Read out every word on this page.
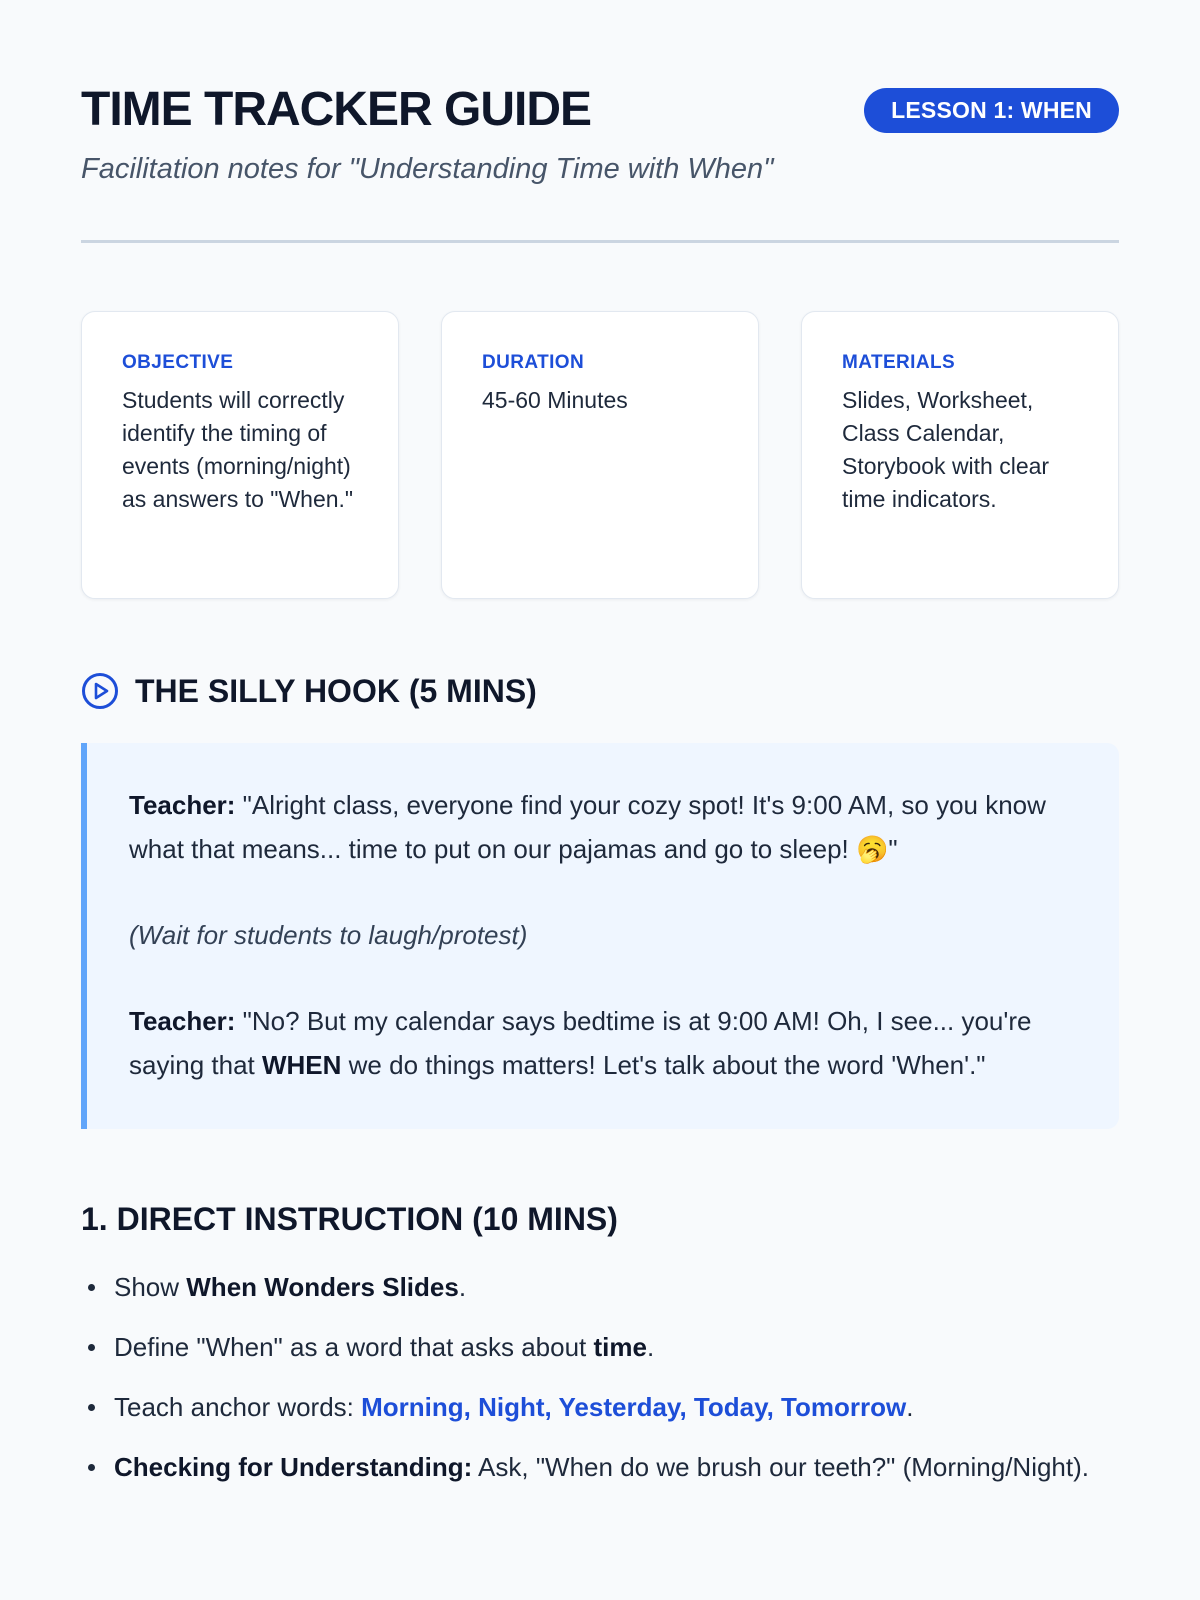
TIME TRACKER GUIDE	LESSON 1: WHEN

Facilitation notes for "Understanding Time with When"

OBJECTIVE
Students will correctly identify the timing of events (morning/night) as answers to "When."
DURATION
45-60 Minutes
MATERIALS
Slides, Worksheet, Class Calendar, Storybook with clear time indicators.
THE SILLY HOOK (5 MINS)

Teacher: "Alright class, everyone find your cozy spot! It's 9:00 AM, so you know what that means... time to put on our pajamas and go to sleep! 🥱"

(Wait for students to laugh/protest)

Teacher: "No? But my calendar says bedtime is at 9:00 AM! Oh, I see... you're saying that WHEN we do things matters! Let's talk about the word 'When'."

1. DIRECT INSTRUCTION (10 MINS)
Show When Wonders Slides.
Define "When" as a word that asks about time.
Teach anchor words: Morning, Night, Yesterday, Today, Tomorrow.
Checking for Understanding: Ask, "When do we brush our teeth?" (Morning/Night).
